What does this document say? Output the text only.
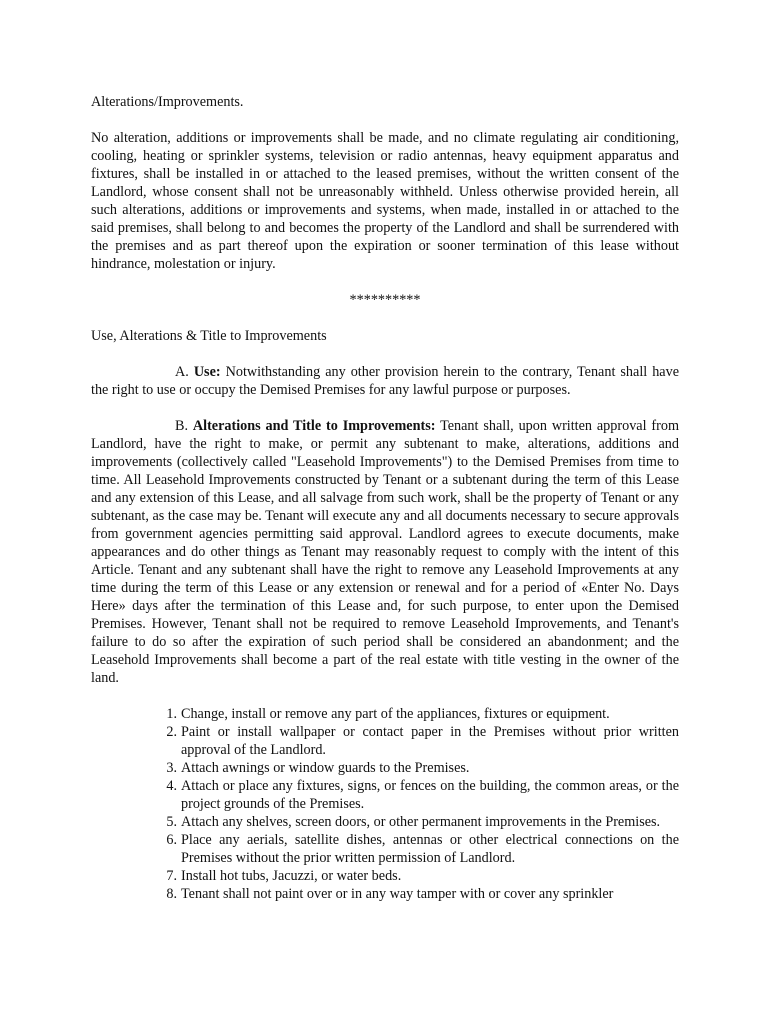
Alterations/Improvements.

No alteration, additions or improvements shall be made, and no climate regulating air conditioning, cooling, heating or sprinkler systems, television or radio antennas, heavy equipment apparatus and fixtures, shall be installed in or attached to the leased premises, without the written consent of the Landlord, whose consent shall not be unreasonably withheld. Unless otherwise provided herein, all such alterations, additions or improvements and systems, when made, installed in or attached to the said premises, shall belong to and becomes the property of the Landlord and shall be surrendered with the premises and as part thereof upon the expiration or sooner termination of this lease without hindrance, molestation or injury.

**********

Use, Alterations & Title to Improvements

A. Use: Notwithstanding any other provision herein to the contrary, Tenant shall have the right to use or occupy the Demised Premises for any lawful purpose or purposes.

B. Alterations and Title to Improvements: Tenant shall, upon written approval from Landlord, have the right to make, or permit any subtenant to make, alterations, additions and improvements (collectively called "Leasehold Improvements") to the Demised Premises from time to time. All Leasehold Improvements constructed by Tenant or a subtenant during the term of this Lease and any extension of this Lease, and all salvage from such work, shall be the property of Tenant or any subtenant, as the case may be. Tenant will execute any and all documents necessary to secure approvals from government agencies permitting said approval. Landlord agrees to execute documents, make appearances and do other things as Tenant may reasonably request to comply with the intent of this Article. Tenant and any subtenant shall have the right to remove any Leasehold Improvements at any time during the term of this Lease or any extension or renewal and for a period of «Enter No. Days Here» days after the termination of this Lease and, for such purpose, to enter upon the Demised Premises. However, Tenant shall not be required to remove Leasehold Improvements, and Tenant's failure to do so after the expiration of such period shall be considered an abandonment; and the Leasehold Improvements shall become a part of the real estate with title vesting in the owner of the land.

1. Change, install or remove any part of the appliances, fixtures or equipment.
2. Paint or install wallpaper or contact paper in the Premises without prior written approval of the Landlord.
3. Attach awnings or window guards to the Premises.
4. Attach or place any fixtures, signs, or fences on the building, the common areas, or the project grounds of the Premises.
5. Attach any shelves, screen doors, or other permanent improvements in the Premises.
6. Place any aerials, satellite dishes, antennas or other electrical connections on the Premises without the prior written permission of Landlord.
7. Install hot tubs, Jacuzzi, or water beds.
8. Tenant shall not paint over or in any way tamper with or cover any sprinkler
